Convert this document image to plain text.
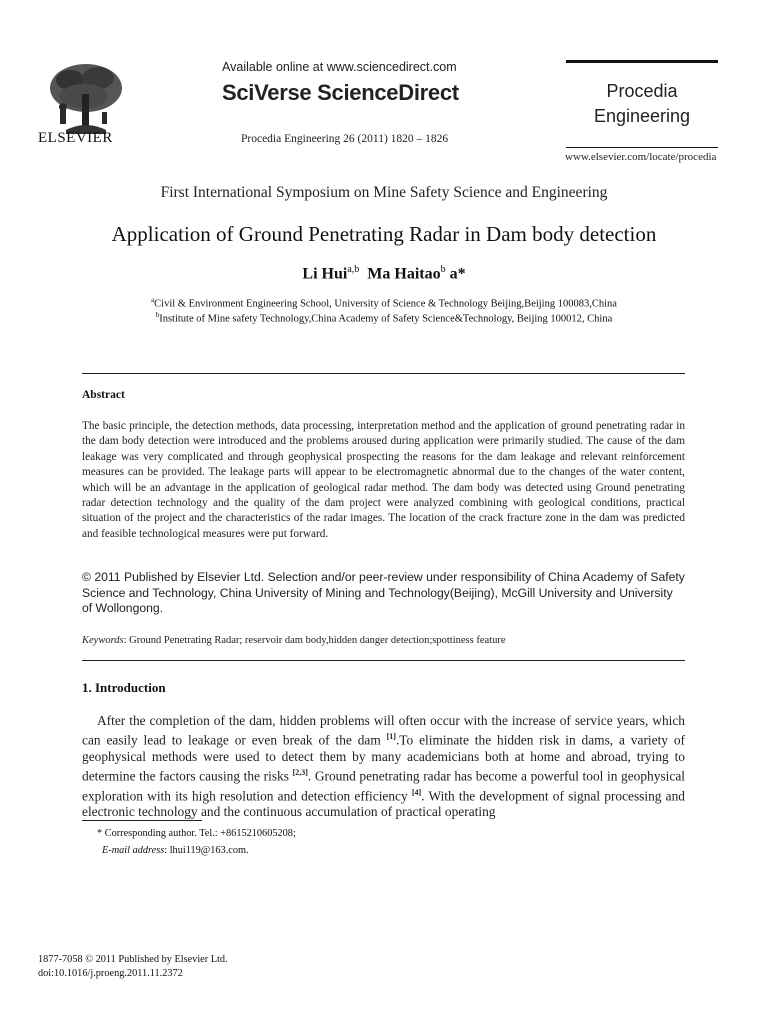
ELSEVIER
Available online at www.sciencedirect.com
SciVerse ScienceDirect
Procedia Engineering 26 (2011) 1820 – 1826
Procedia
Engineering
www.elsevier.com/locate/procedia
First International Symposium on Mine Safety Science and Engineering
Application of Ground Penetrating Radar in Dam body detection
Li Hui$^{a,b}$ Ma Haitao$^b$ a*
$^a$Civil & Environment Engineering School, University of Science & Technology Beijing,Beijing 100083,China
$^b$Institute of Mine safety Technology,China Academy of Safety Science&Technology, Beijing 100012, China
Abstract
The basic principle, the detection methods, data processing, interpretation method and the application of ground penetrating radar in the dam body detection were introduced and the problems aroused during application were primarily studied. The cause of the dam leakage was very complicated and through geophysical prospecting the reasons for the dam leakage and relevant reinforcement measures can be provided. The leakage parts will appear to be electromagnetic abnormal due to the changes of the water content, which will be an advantage in the application of geological radar method. The dam body was detected using Ground penetrating radar detection technology and the quality of the dam project were analyzed combining with geological conditions, practical situation of the project and the characteristics of the radar images. The location of the crack fracture zone in the dam was predicted and feasible technological measures were put forward.
© 2011 Published by Elsevier Ltd. Selection and/or peer-review under responsibility of China Academy of Safety Science and Technology, China University of Mining and Technology(Beijing), McGill University and University of Wollongong.
Keywords: Ground Penetrating Radar; reservoir dam body,hidden danger detection;spottiness feature
1. Introduction
After the completion of the dam, hidden problems will often occur with the increase of service years, which can easily lead to leakage or even break of the dam [1].To eliminate the hidden risk in dams, a variety of geophysical methods were used to detect them by many academicians both at home and abroad, trying to determine the factors causing the risks [2,3]. Ground penetrating radar has become a powerful tool in geophysical exploration with its high resolution and detection efficiency [4]. With the development of signal processing and electronic technology and the continuous accumulation of practical operating
* Corresponding author. Tel.: +8615210605208;
E-mail address: lhui119@163.com.
1877-7058 © 2011 Published by Elsevier Ltd.
doi:10.1016/j.proeng.2011.11.2372
